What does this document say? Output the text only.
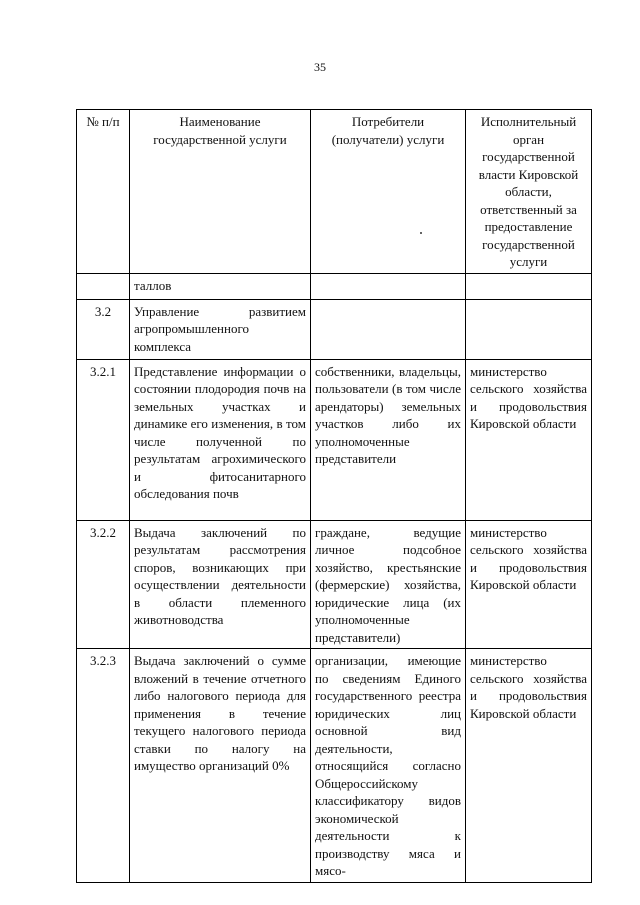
35
№ п/п	Наименование государственной услуги	Потребители (получатели) услуги	Исполнительный орган государственной власти Кировской области, ответственный за предоставление государственной услуги
	таллов		
3.2	Управление развитием агропромышленного комплекса		
3.2.1	Представление информации о состоянии плодородия почв на земельных участках и динамике его изменения, в том числе полученной по результатам агрохимического и фитосанитарного обследования почв	собственники, владельцы, пользователи (в том числе арендаторы) земельных участков либо их уполномоченные представители	министерство сельского хозяйства и продовольствия Кировской области
3.2.2	Выдача заключений по результатам рассмотрения споров, возникающих при осуществлении деятельности в области племенного животноводства	граждане, ведущие личное подсобное хозяйство, крестьянские (фермерские) хозяйства, юридические лица (их уполномоченные представители)	министерство сельского хозяйства и продовольствия Кировской области
3.2.3	Выдача заключений о сумме вложений в течение отчетного либо налогового периода для применения в течение текущего налогового периода ставки по налогу на имущество организаций 0%	организации, имеющие по сведениям Единого государственного реестра юридических лиц основной вид деятельности, относящийся согласно Общероссийскому классификатору видов экономической деятельности к производству мяса и мясо-	министерство сельского хозяйства и продовольствия Кировской области
